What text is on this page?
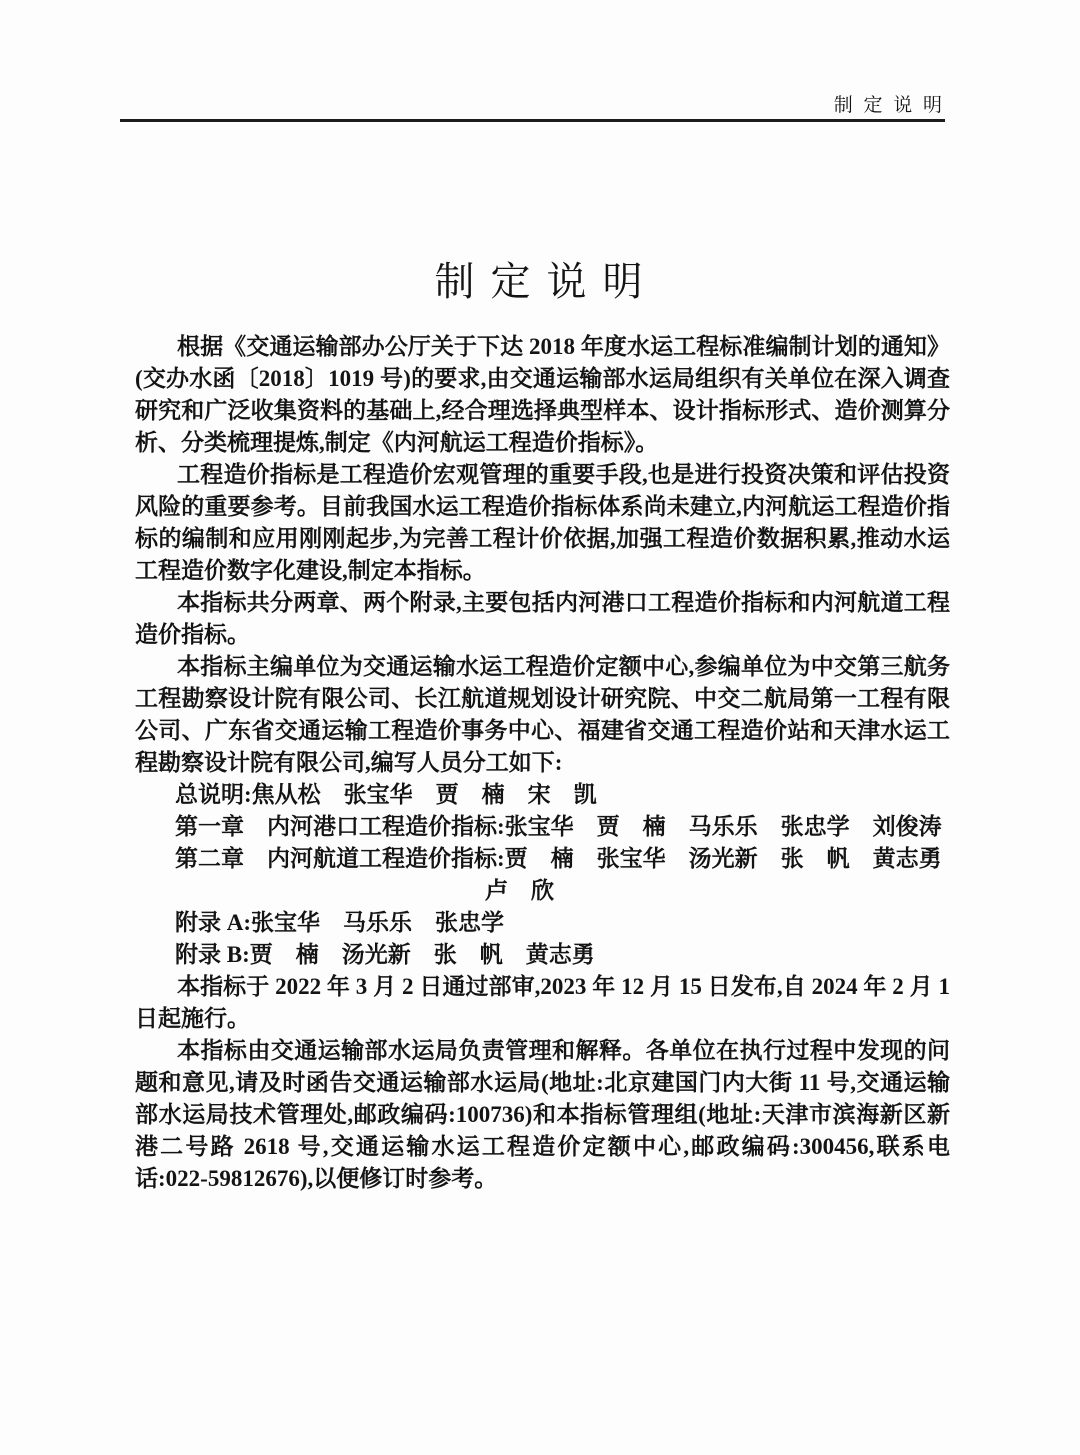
制 定 说 明
制 定 说 明

根据《交通运输部办公厅关于下达 2018 年度水运工程标准编制计划的通知》(交办水函〔2018〕1019 号)的要求,由交通运输部水运局组织有关单位在深入调查研究和广泛收集资料的基础上,经合理选择典型样本、设计指标形式、造价测算分析、分类梳理提炼,制定《内河航运工程造价指标》。

工程造价指标是工程造价宏观管理的重要手段,也是进行投资决策和评估投资风险的重要参考。目前我国水运工程造价指标体系尚未建立,内河航运工程造价指标的编制和应用刚刚起步,为完善工程计价依据,加强工程造价数据积累,推动水运工程造价数字化建设,制定本指标。

本指标共分两章、两个附录,主要包括内河港口工程造价指标和内河航道工程造价指标。

本指标主编单位为交通运输水运工程造价定额中心,参编单位为中交第三航务工程勘察设计院有限公司、长江航道规划设计研究院、中交二航局第一工程有限公司、广东省交通运输工程造价事务中心、福建省交通工程造价站和天津水运工程勘察设计院有限公司,编写人员分工如下:

总说明:焦从松　张宝华　贾　楠　宋　凯
第一章　内河港口工程造价指标:张宝华　贾　楠　马乐乐　张忠学　刘俊涛
第二章　内河航道工程造价指标:贾　楠　张宝华　汤光新　张　帆　黄志勇
卢　欣
附录 A:张宝华　马乐乐　张忠学
附录 B:贾　楠　汤光新　张　帆　黄志勇

本指标于 2022 年 3 月 2 日通过部审,2023 年 12 月 15 日发布,自 2024 年 2 月 1 日起施行。

本指标由交通运输部水运局负责管理和解释。各单位在执行过程中发现的问题和意见,请及时函告交通运输部水运局(地址:北京建国门内大街 11 号,交通运输部水运局技术管理处,邮政编码:100736)和本指标管理组(地址:天津市滨海新区新港二号路 2618 号,交通运输水运工程造价定额中心,邮政编码:300456,联系电话:022-59812676),以便修订时参考。
